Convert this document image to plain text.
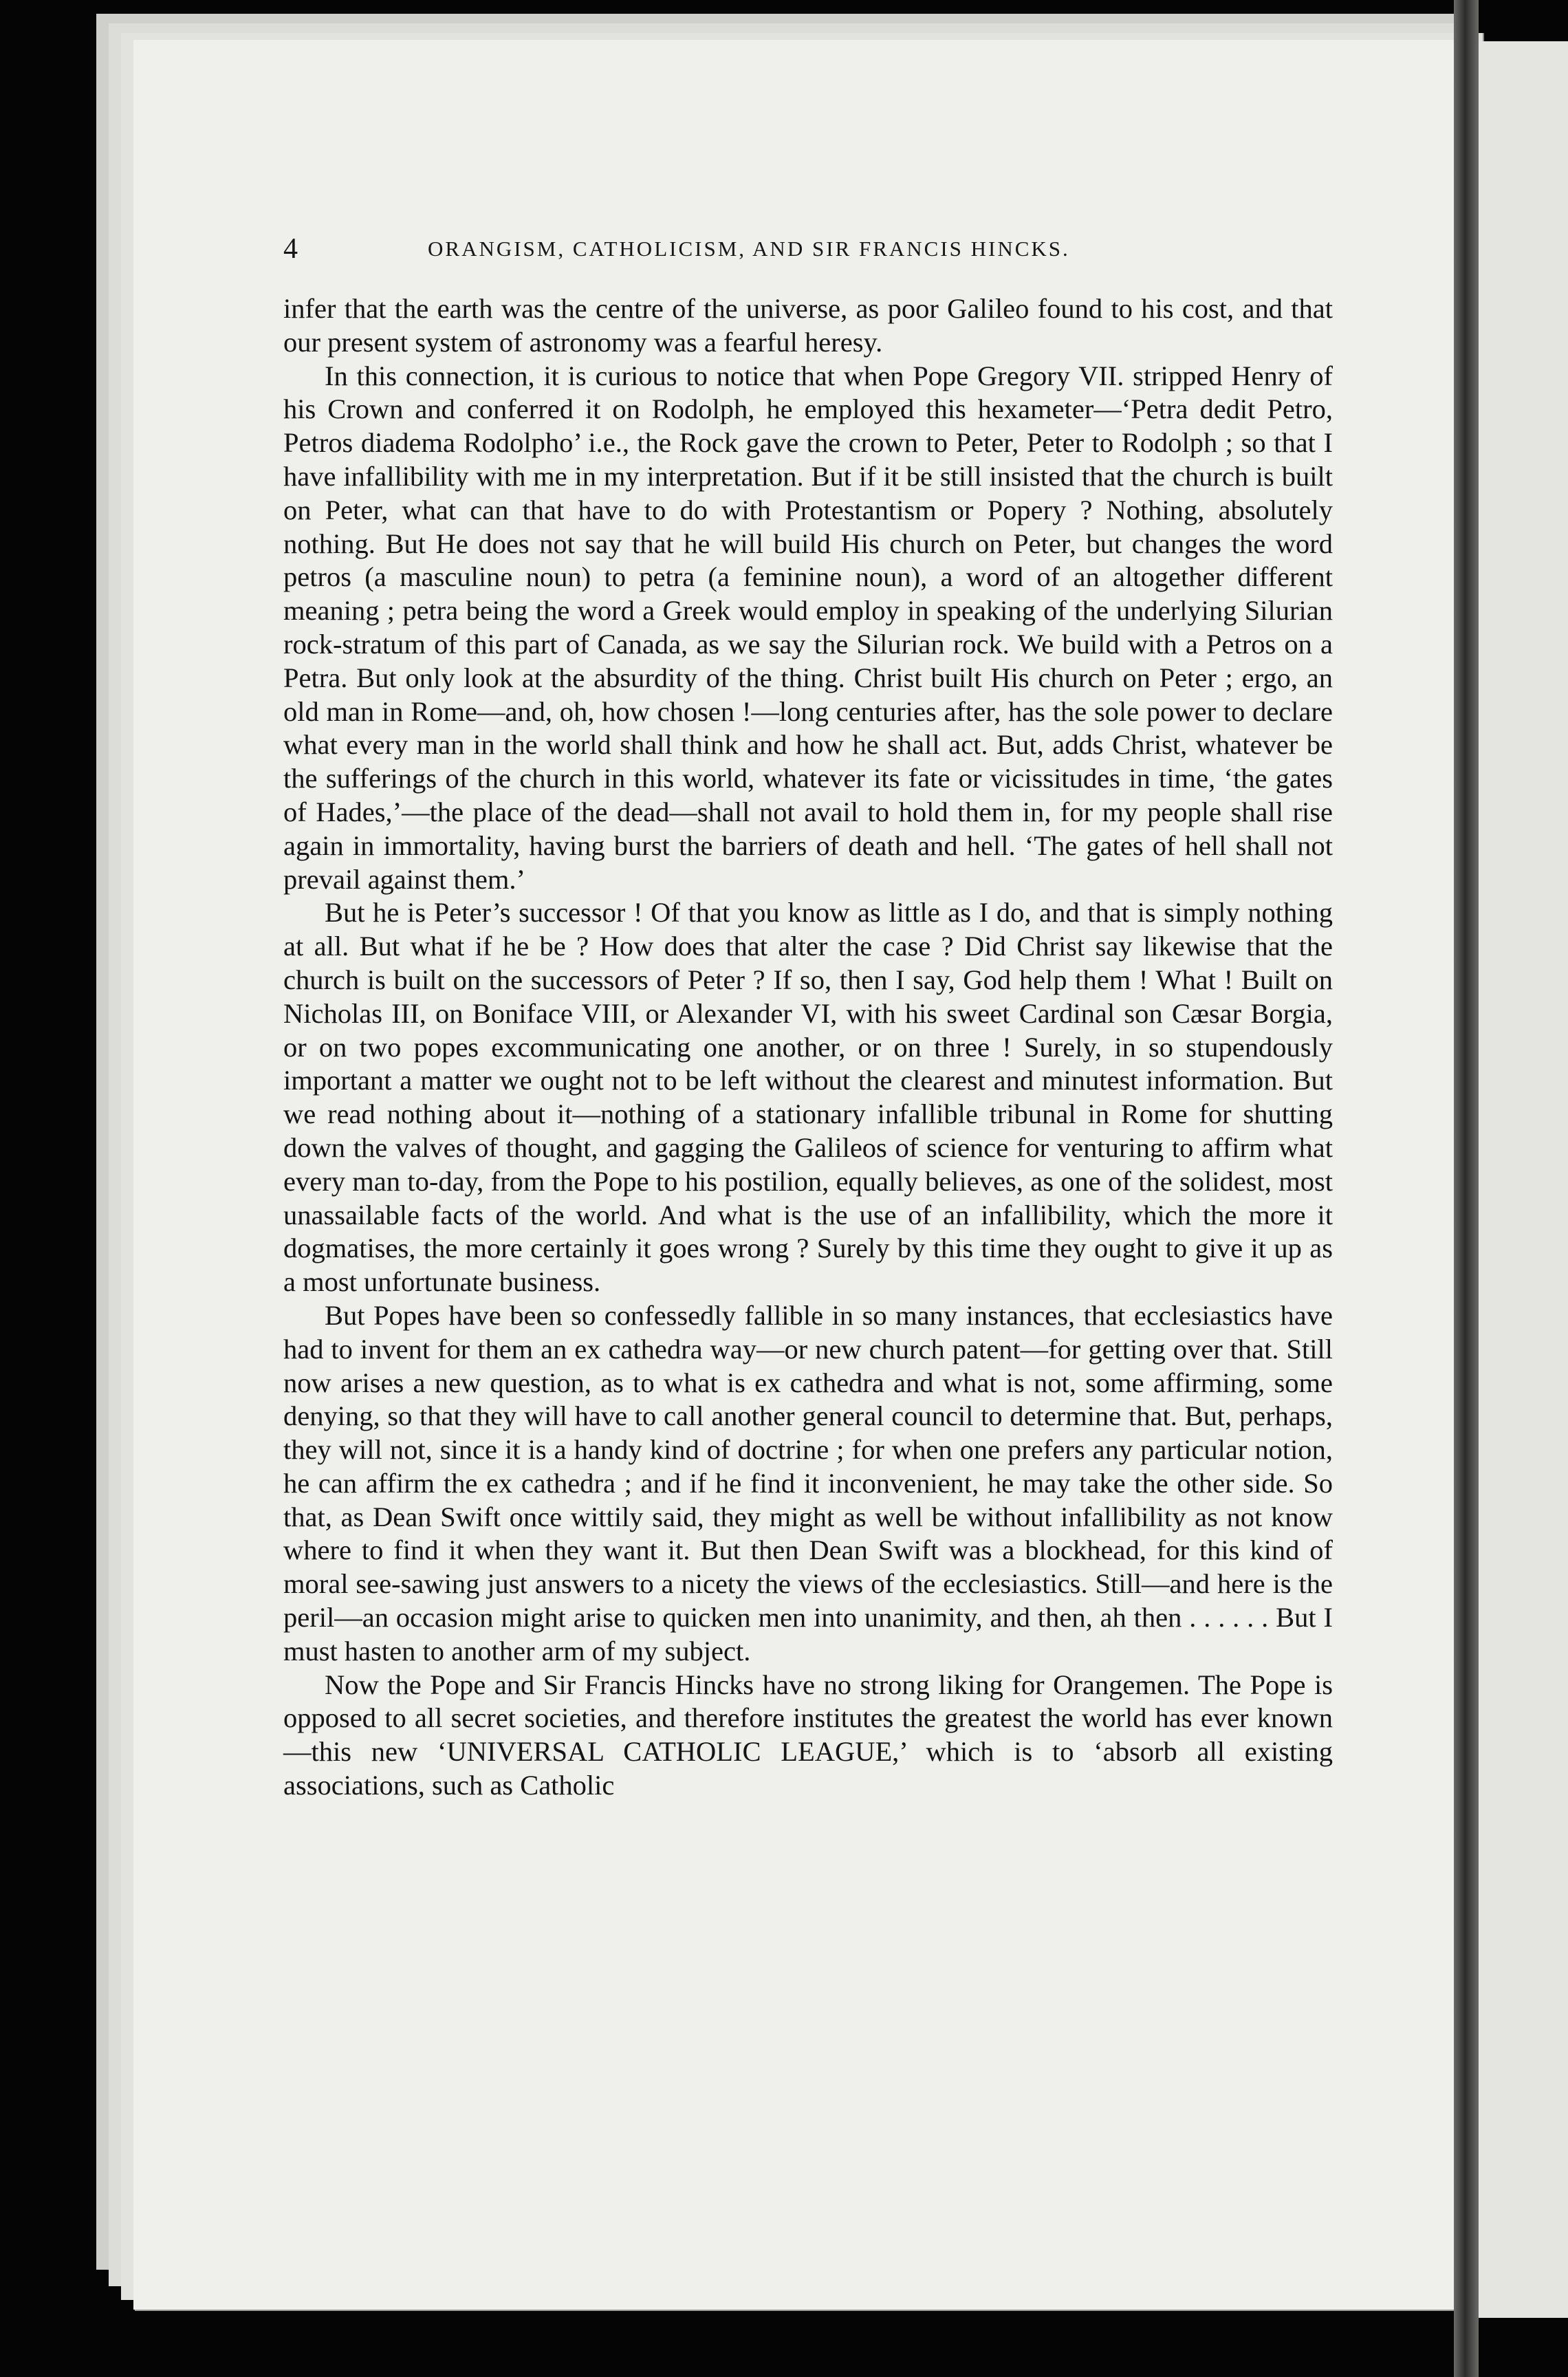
4	ORANGISM, CATHOLICISM, AND SIR FRANCIS HINCKS.

infer that the earth was the centre of the universe, as poor Galileo found to his cost, and that our present system of astronomy was a fearful heresy.

In this connection, it is curious to notice that when Pope Gregory VII. stripped Henry of his Crown and conferred it on Rodolph, he employed this hexameter—‘Petra dedit Petro, Petros diadema Rodolpho’ i.e., the Rock gave the crown to Peter, Peter to Rodolph ; so that I have infallibility with me in my interpretation. But if it be still insisted that the church is built on Peter, what can that have to do with Protestantism or Popery ? Nothing, absolutely nothing. But He does not say that he will build His church on Peter, but changes the word petros (a masculine noun) to petra (a feminine noun), a word of an altogether different meaning ; petra being the word a Greek would employ in speaking of the underlying Silurian rock-stratum of this part of Canada, as we say the Silurian rock. We build with a Petros on a Petra. But only look at the absurdity of the thing. Christ built His church on Peter ; ergo, an old man in Rome—and, oh, how chosen !—long centuries after, has the sole power to declare what every man in the world shall think and how he shall act. But, adds Christ, whatever be the sufferings of the church in this world, whatever its fate or vicissitudes in time, ‘the gates of Hades,’—the place of the dead—shall not avail to hold them in, for my people shall rise again in immortality, having burst the barriers of death and hell. ‘The gates of hell shall not prevail against them.’

But he is Peter’s successor ! Of that you know as little as I do, and that is simply nothing at all. But what if he be ? How does that alter the case ? Did Christ say likewise that the church is built on the successors of Peter ? If so, then I say, God help them ! What ! Built on Nicholas III, on Boniface VIII, or Alexander VI, with his sweet Cardinal son Cæsar Borgia, or on two popes excommunicating one another, or on three ! Surely, in so stupendously important a matter we ought not to be left without the clearest and minutest information. But we read nothing about it—nothing of a stationary infallible tribunal in Rome for shutting down the valves of thought, and gagging the Galileos of science for venturing to affirm what every man to-day, from the Pope to his postilion, equally believes, as one of the solidest, most unassailable facts of the world. And what is the use of an infallibility, which the more it dogmatises, the more certainly it goes wrong ? Surely by this time they ought to give it up as a most unfortunate business.

But Popes have been so confessedly fallible in so many instances, that ecclesiastics have had to invent for them an ex cathedra way—or new church patent—for getting over that. Still now arises a new question, as to what is ex cathedra and what is not, some affirming, some denying, so that they will have to call another general council to determine that. But, perhaps, they will not, since it is a handy kind of doctrine ; for when one prefers any particular notion, he can affirm the ex cathedra ; and if he find it inconvenient, he may take the other side. So that, as Dean Swift once wittily said, they might as well be without infallibility as not know where to find it when they want it. But then Dean Swift was a blockhead, for this kind of moral see-sawing just answers to a nicety the views of the ecclesiastics. Still—and here is the peril—an occasion might arise to quicken men into unanimity, and then, ah then . . . . . . But I must hasten to another arm of my subject.

Now the Pope and Sir Francis Hincks have no strong liking for Orangemen. The Pope is opposed to all secret societies, and therefore institutes the greatest the world has ever known—this new ‘UNIVERSAL CATHOLIC LEAGUE,’ which is to ‘absorb all existing associations, such as Catholic
